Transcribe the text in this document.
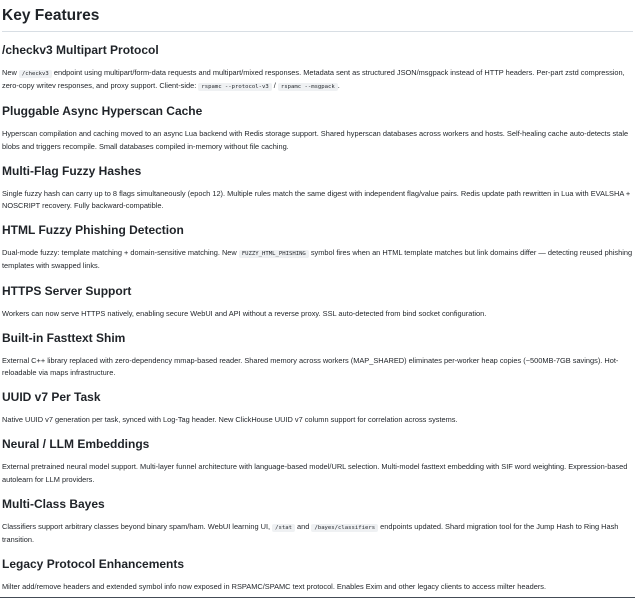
Key Features
/checkv3 Multipart Protocol

New /checkv3 endpoint using multipart/form-data requests and multipart/mixed responses. Metadata sent as structured JSON/msgpack instead of HTTP headers. Per-part zstd compression, zero-copy writev responses, and proxy support. Client-side: rspamc --protocol-v3 / rspamc --msgpack .

Pluggable Async Hyperscan Cache

Hyperscan compilation and caching moved to an async Lua backend with Redis storage support. Shared hyperscan databases across workers and hosts. Self-healing cache auto-detects stale blobs and triggers recompile. Small databases compiled in-memory without file caching.

Multi-Flag Fuzzy Hashes

Single fuzzy hash can carry up to 8 flags simultaneously (epoch 12). Multiple rules match the same digest with independent flag/value pairs. Redis update path rewritten in Lua with EVALSHA + NOSCRIPT recovery. Fully backward-compatible.

HTML Fuzzy Phishing Detection

Dual-mode fuzzy: template matching + domain-sensitive matching. New FUZZY_HTML_PHISHING symbol fires when an HTML template matches but link domains differ — detecting reused phishing templates with swapped links.

HTTPS Server Support

Workers can now serve HTTPS natively, enabling secure WebUI and API without a reverse proxy. SSL auto-detected from bind socket configuration.

Built-in Fasttext Shim

External C++ library replaced with zero-dependency mmap-based reader. Shared memory across workers (MAP_SHARED) eliminates per-worker heap copies (~500MB-7GB savings). Hot-reloadable via maps infrastructure.

UUID v7 Per Task

Native UUID v7 generation per task, synced with Log-Tag header. New ClickHouse UUID v7 column support for correlation across systems.

Neural / LLM Embeddings

External pretrained neural model support. Multi-layer funnel architecture with language-based model/URL selection. Multi-model fasttext embedding with SIF word weighting. Expression-based autolearn for LLM providers.

Multi-Class Bayes

Classifiers support arbitrary classes beyond binary spam/ham. WebUI learning UI, /stat and /bayes/classifiers endpoints updated. Shard migration tool for the Jump Hash to Ring Hash transition.

Legacy Protocol Enhancements

Milter add/remove headers and extended symbol info now exposed in RSPAMC/SPAMC text protocol. Enables Exim and other legacy clients to access milter headers.
